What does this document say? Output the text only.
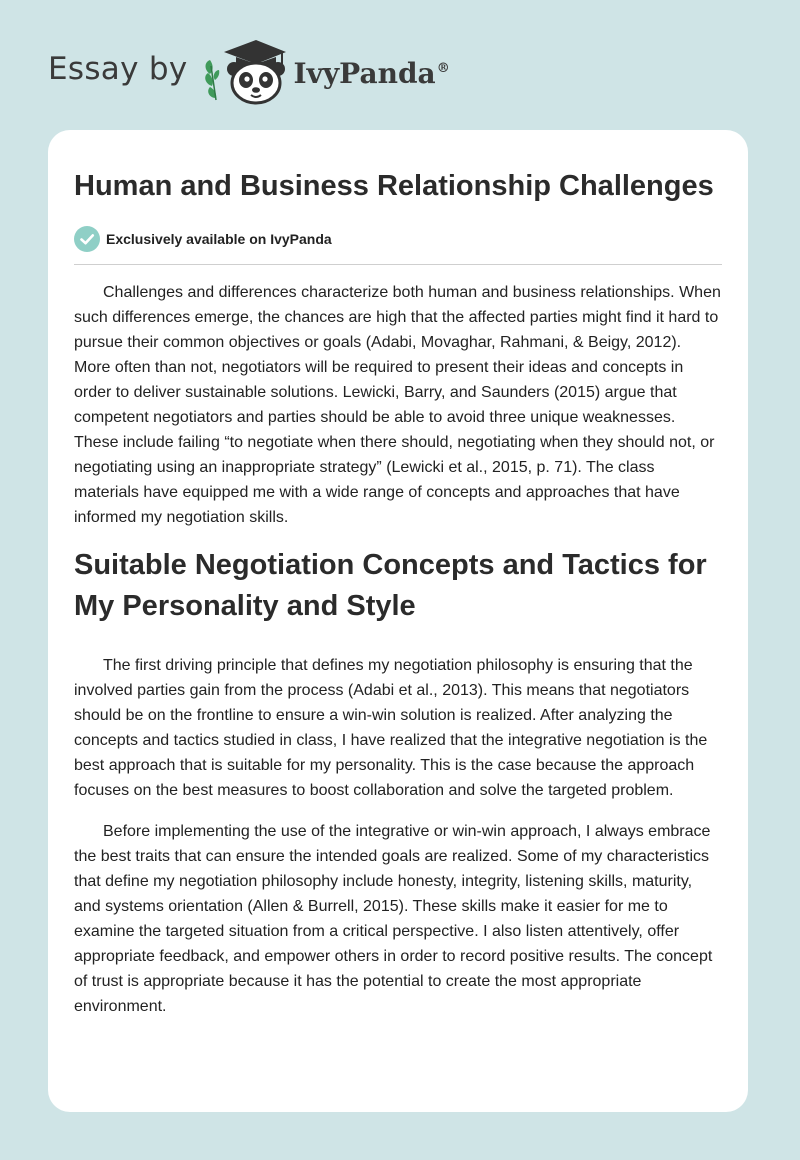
Essay by	IvyPanda®
Human and Business Relationship Challenges
Exclusively available on IvyPanda

Challenges and differences characterize both human and business relationships. When such differences emerge, the chances are high that the affected parties might find it hard to pursue their common objectives or goals (Adabi, Movaghar, Rahmani, & Beigy, 2012). More often than not, negotiators will be required to present their ideas and concepts in order to deliver sustainable solutions. Lewicki, Barry, and Saunders (2015) argue that competent negotiators and parties should be able to avoid three unique weaknesses. These include failing “to negotiate when there should, negotiating when they should not, or negotiating using an inappropriate strategy” (Lewicki et al., 2015, p. 71). The class materials have equipped me with a wide range of concepts and approaches that have informed my negotiation skills.

Suitable Negotiation Concepts and Tactics for My Personality and Style

The first driving principle that defines my negotiation philosophy is ensuring that the involved parties gain from the process (Adabi et al., 2013). This means that negotiators should be on the frontline to ensure a win-win solution is realized. After analyzing the concepts and tactics studied in class, I have realized that the integrative negotiation is the best approach that is suitable for my personality. This is the case because the approach focuses on the best measures to boost collaboration and solve the targeted problem.

Before implementing the use of the integrative or win-win approach, I always embrace the best traits that can ensure the intended goals are realized. Some of my characteristics that define my negotiation philosophy include honesty, integrity, listening skills, maturity, and systems orientation (Allen & Burrell, 2015). These skills make it easier for me to examine the targeted situation from a critical perspective. I also listen attentively, offer appropriate feedback, and empower others in order to record positive results. The concept of trust is appropriate because it has the potential to create the most appropriate environment.
